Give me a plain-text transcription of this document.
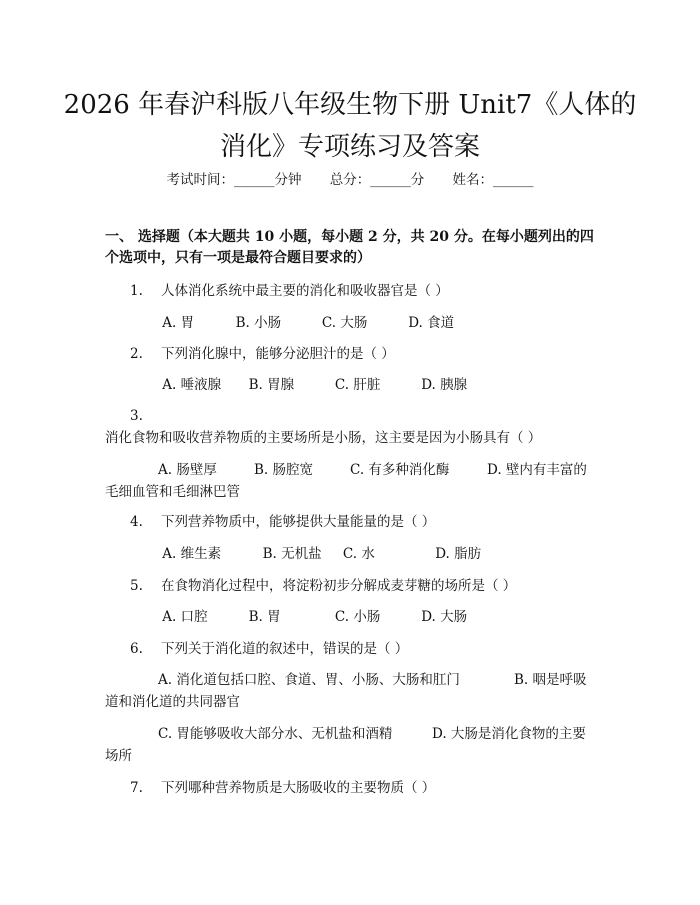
2026 年春沪科版八年级生物下册 Unit7《人体的消化》专项练习及答案
考试时间：______分钟 总分：______分 姓名：______

一、 选择题（本大题共 10 小题，每小题 2 分，共 20 分。在每小题列出的四个选项中，只有一项是最符合题目要求的）

1. 人体消化系统中最主要的消化和吸收器官是（ ）
A. 胃	B. 小肠	C. 大肠	D. 食道
2. 下列消化腺中，能够分泌胆汁的是（ ）
A. 唾液腺 B. 胃腺	C. 肝脏	D. 胰腺
3.消化食物和吸收营养物质的主要场所是小肠，这主要是因为小肠具有（ ）
A. 肠壁厚	B. 肠腔宽	C. 有多种消化酶	D. 壁内有丰富的毛细血管和毛细淋巴管
4. 下列营养物质中，能够提供大量能量的是（ ）
A. 维生素	B. 无机盐 C. 水	D. 脂肪
5. 在食物消化过程中，将淀粉初步分解成麦芽糖的场所是（ ）
A. 口腔	B. 胃	C. 小肠	D. 大肠
6. 下列关于消化道的叙述中，错误的是（ ）
A. 消化道包括口腔、食道、胃、小肠、大肠和肛门	B. 咽是呼吸道和消化道的共同器官
C. 胃能够吸收大部分水、无机盐和酒精	D. 大肠是消化食物的主要场所
7. 下列哪种营养物质是大肠吸收的主要物质（ ）
